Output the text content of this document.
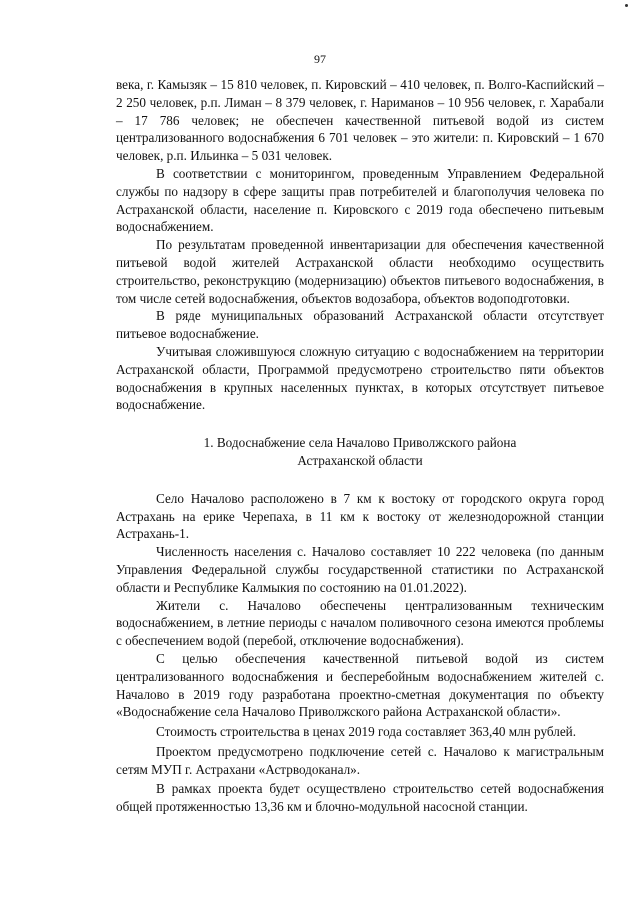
97

века, г. Камызяк – 15 810 человек, п. Кировский – 410 человек, п. Волго-Каспийский – 2 250 человек, р.п. Лиман – 8 379 человек, г. Нариманов – 10 956 человек, г. Харабали – 17 786 человек; не обеспечен качественной питьевой водой из систем централизованного водоснабжения 6 701 человек – это жители: п. Кировский – 1 670 человек, р.п. Ильинка – 5 031 человек.

В соответствии с мониторингом, проведенным Управлением Федеральной службы по надзору в сфере защиты прав потребителей и благополучия человека по Астраханской области, население п. Кировского с 2019 года обеспечено питьевым водоснабжением.

По результатам проведенной инвентаризации для обеспечения качественной питьевой водой жителей Астраханской области необходимо осуществить строительство, реконструкцию (модернизацию) объектов питьевого водоснабжения, в том числе сетей водоснабжения, объектов водозабора, объектов водоподготовки.

В ряде муниципальных образований Астраханской области отсутствует питьевое водоснабжение.

Учитывая сложившуюся сложную ситуацию с водоснабжением на территории Астраханской области, Программой предусмотрено строительство пяти объектов водоснабжения в крупных населенных пунктах, в которых отсутствует питьевое водоснабжение.

1. Водоснабжение села Началово Приволжского района
Астраханской области

Село Началово расположено в 7 км к востоку от городского округа город Астрахань на ерике Черепаха, в 11 км к востоку от железнодорожной станции Астрахань-1.

Численность населения с. Началово составляет 10 222 человека (по данным Управления Федеральной службы государственной статистики по Астраханской области и Республике Калмыкия по состоянию на 01.01.2022).

Жители с. Началово обеспечены централизованным техническим водоснабжением, в летние периоды с началом поливочного сезона имеются проблемы с обеспечением водой (перебой, отключение водоснабжения).

С целью обеспечения качественной питьевой водой из систем централизованного водоснабжения и бесперебойным водоснабжением жителей с. Началово в 2019 году разработана проектно-сметная документация по объекту «Водоснабжение села Началово Приволжского района Астраханской области».

Стоимость строительства в ценах 2019 года составляет 363,40 млн рублей.

Проектом предусмотрено подключение сетей с. Началово к магистральным сетям МУП г. Астрахани «Астрводоканал».

В рамках проекта будет осуществлено строительство сетей водоснабжения общей протяженностью 13,36 км и блочно-модульной насосной станции.
